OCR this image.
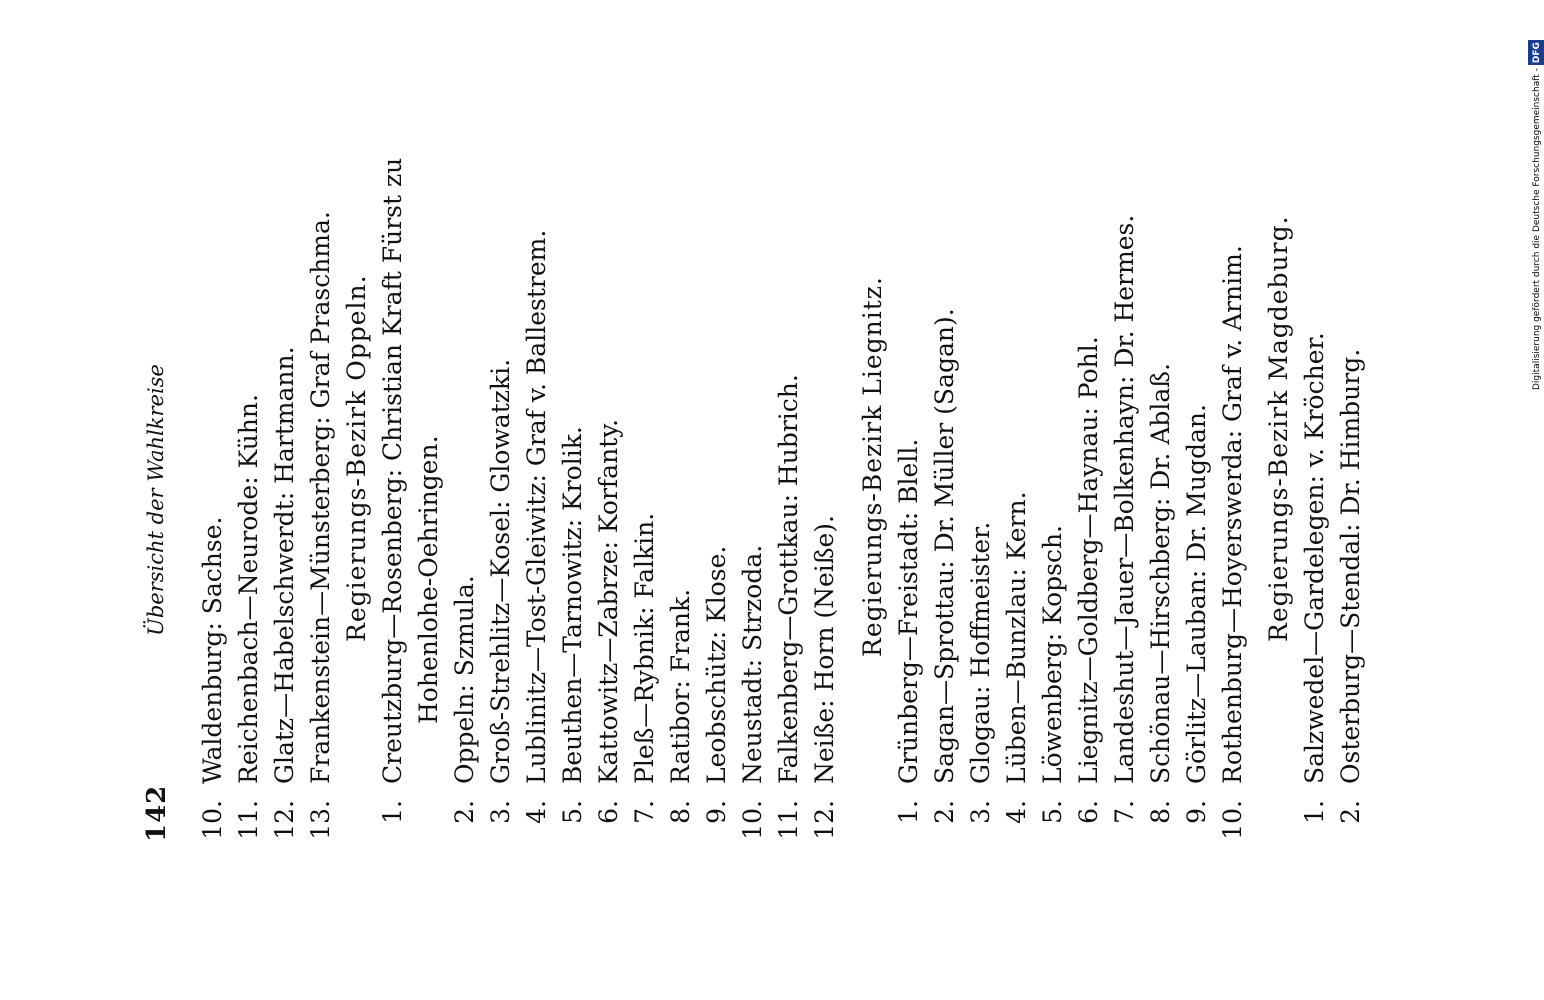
142
Übersicht der Wahlkreise
10.
Waldenburg: Sachse.
11.
Reichenbach—Neurode: Kühn.
12.
Glatz—Habelschwerdt: Hartmann.
13.
Frankenstein—Münsterberg: Graf Praschma. Regierungs-Bezirk Oppeln.
1.
Creutzburg—Rosenberg: Christian Kraft Fürst zu Hohenlohe-Oehringen.
2.
Oppeln: Szmula.
3.
Groß-Strehlitz—Kosel: Glowatzki.
4.
Lublinitz—Tost-Gleiwitz: Graf v. Ballestrem.
5.
Beuthen—Tarnowitz: Krolik.
6.
Kattowitz—Zabrze: Korfanty.
7.
Pleß—Rybnik: Falkin.
8.
Ratibor: Frank.
9.
Leobschütz: Klose.
10.
Neustadt: Strzoda.
11.
Falkenberg—Grottkau: Hubrich.
12.
Neiße: Horn (Neiße). Regierungs-Bezirk Liegnitz.
1.
Grünberg—Freistadt: Blell.
2.
Sagan—Sprottau: Dr. Müller (Sagan).
3.
Glogau: Hoffmeister.
4.
Lüben—Bunzlau: Kern.
5.
Löwenberg: Kopsch.
6.
Liegnitz—Goldberg—Haynau: Pohl.
7.
Landeshut—Jauer—Bolkenhayn: Dr. Hermes.
8.
Schönau—Hirschberg: Dr. Ablaß.
9.
Görlitz—Lauban: Dr. Mugdan.
10.
Rothenburg—Hoyerswerda: Graf v. Arnim. Regierungs-Bezirk Magdeburg.
1.
Salzwedel—Gardelegen: v. Kröcher.
2.
Osterburg—Stendal: Dr. Himburg.
Digitalisierung gefördert durch die Deutsche Forschungsgemeinschaft -DFG
